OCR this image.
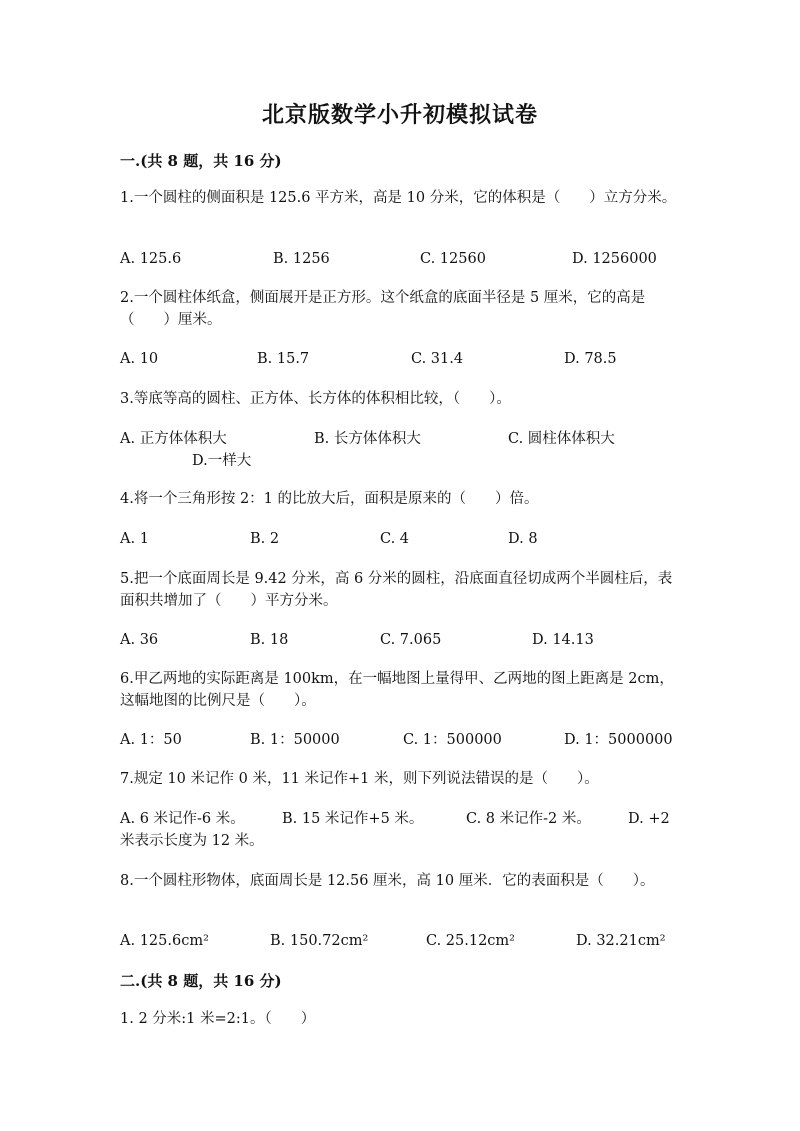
北京版数学小升初模拟试卷
一.(共 8 题，共 16 分)
1.一个圆柱的侧面积是 125.6 平方米，高是 10 分米，它的体积是（　　）立方分米。
A. 125.6	B. 1256	C. 12560	D. 1256000
2.一个圆柱体纸盒，侧面展开是正方形。这个纸盒的底面半径是 5 厘米，它的高是（　　）厘米。
A. 10	B. 15.7	C. 31.4	D. 78.5
3.等底等高的圆柱、正方体、长方体的体积相比较，（　　）。
A. 正方体体积大	B. 长方体体积大	C. 圆柱体体积大
D.一样大
4.将一个三角形按 2：1 的比放大后，面积是原来的（　　）倍。
A. 1	B. 2	C. 4	D. 8
5.把一个底面周长是 9.42 分米，高 6 分米的圆柱，沿底面直径切成两个半圆柱后，表面积共增加了（　　）平方分米。
A. 36	B. 18	C. 7.065	D. 14.13
6.甲乙两地的实际距离是 100km，在一幅地图上量得甲、乙两地的图上距离是 2cm，这幅地图的比例尺是（　　）。
A. 1：50	B. 1：50000	C. 1：500000	D. 1：5000000
7.规定 10 米记作 0 米，11 米记作+1 米，则下列说法错误的是（　　）。
A. 6 米记作-6 米。	B. 15 米记作+5 米。	C. 8 米记作-2 米。	D. +2
米表示长度为 12 米。
8.一个圆柱形物体，底面周长是 12.56 厘米，高 10 厘米．它的表面积是（　　）。
A. 125.6cm²	B. 150.72cm²	C. 25.12cm²	D. 32.21cm²
二.(共 8 题，共 16 分)
1. 2 分米:1 米=2:1。（　　）
